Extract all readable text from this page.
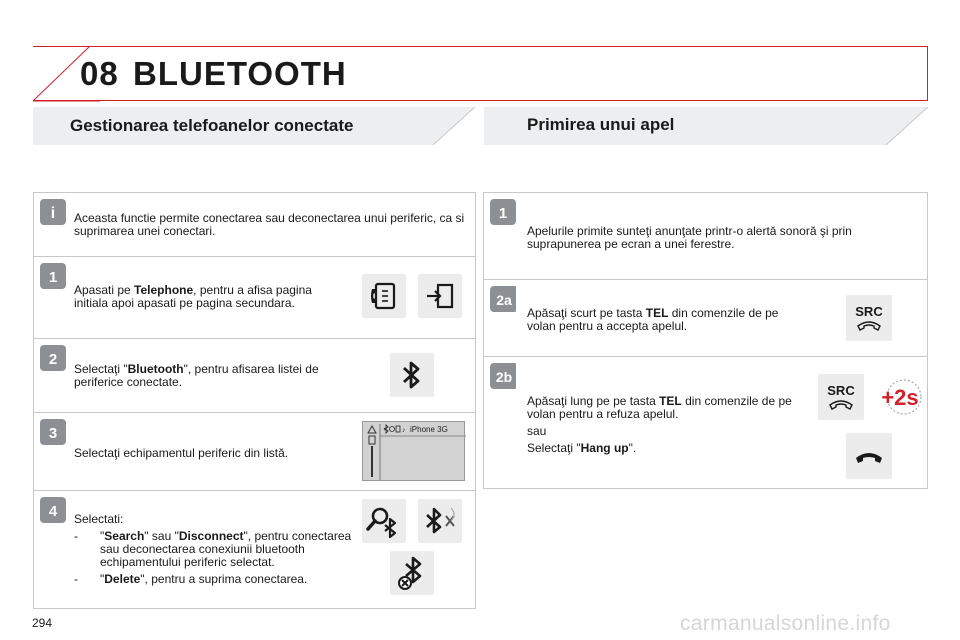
08 BLUETOOTH
Gestionarea telefoanelor conectate	Primirea unui apel
i Aceasta functie permite conectarea sau deconectarea unui periferic, ca si suprimarea unei conectari.
1
Apasati pe Telephone, pentru a afisa pagina initiala apoi apasati pe pagina secundara.
2
Selectaţi "Bluetooth", pentru afisarea listei de periferice conectate.
3
Selectaţi echipamentul periferic din listă.
♪ iPhone 3G
4 Selectati:
- "Search" sau "Disconnect", pentru conectarea sau deconectarea conexiunii bluetooth echipamentului periferic selectat.
- "Delete", pentru a suprima conectarea.
1
Apelurile primite sunteţi anunţate printr-o alertă sonoră şi prin suprapunerea pe ecran a unei ferestre.
2a
Apăsaţi scurt pe tasta TEL din comenzile de pe volan pentru a accepta apelul.
SRC
2b
Apăsaţi lung pe pe tasta TEL din comenzile de pe volan pentru a refuza apelul.
sau
Selectaţi "Hang up".
SRC +2s
294	carmanualsonline.info
